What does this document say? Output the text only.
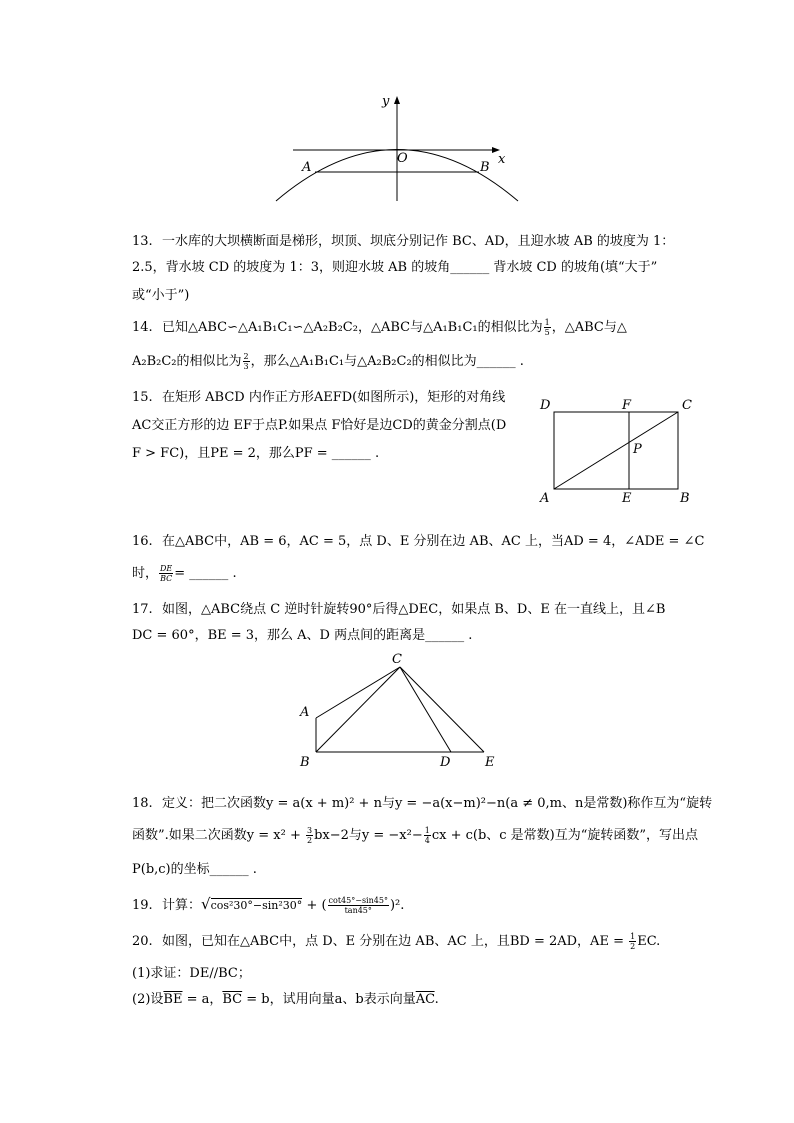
y
x
O
A	B
13. 一水库的大坝横断面是梯形，坝顶、坝底分别记作 BC、AD，且迎水坡 AB 的坡度为 1：
2.5，背水坡 CD 的坡度为 1：3，则迎水坡 AB 的坡角______ 背水坡 CD 的坡角(填“大于”
或“小于”)
14. 已知△ABC∽△A₁B₁C₁∽△A₂B₂C₂，△ABC与△A₁B₁C₁的相似比为 $\frac{1}{5}$ ，△ABC与△
A₂B₂C₂的相似比为 $\frac{2}{3}$ ，那么△A₁B₁C₁与△A₂B₂C₂的相似比为______ .
15. 在矩形 ABCD 内作正方形AEFD(如图所示)，矩形的对角线
AC交正方形的边 EF于点P.如果点 F恰好是边CD的黄金分割点(D
F > FC)，且PE = 2，那么PF = ______ .
D	F	C
P
A	E	B
16. 在△ABC中，AB = 6，AC = 5，点 D、E 分别在边 AB、AC 上，当AD = 4，∠ADE = ∠C
时， $\frac{DE}{BC}$ = ______ .
17. 如图，△ABC绕点 C 逆时针旋转90°后得△DEC，如果点 B、D、E 在一直线上，且∠B
DC = 60°，BE = 3，那么 A、D 两点间的距离是______ .
C
A
B	D	E
18. 定义：把二次函数y = a(x + m)² + n与y = −a(x−m)²−n(a ≠ 0,m、n是常数)称作互为“旋转
函数”.如果二次函数$y = x^2 + \frac{3}{2} bx-2$与$y = -x^2- \frac{1}{4}$ cx + c(b、c 是常数)互为“旋转函数”，写出点
P(b,c)的坐标______ .
19. 计算：√cos²30°−sin²30° + ( $\frac{\cot 45^\circ-\sin 45^\circ}{\tan 45^\circ} )^2$.
20. 如图，已知在△ABC中，点 D、E 分别在边 AB、AC 上，且BD = 2AD，AE = $\frac{1}{2}$ EC.
(1)求证：DE//BC；
(2)设$\overline{BE} = a$，$\overline{BC} = b$，试用向量a、b表示向量$\overline{AC}$.
